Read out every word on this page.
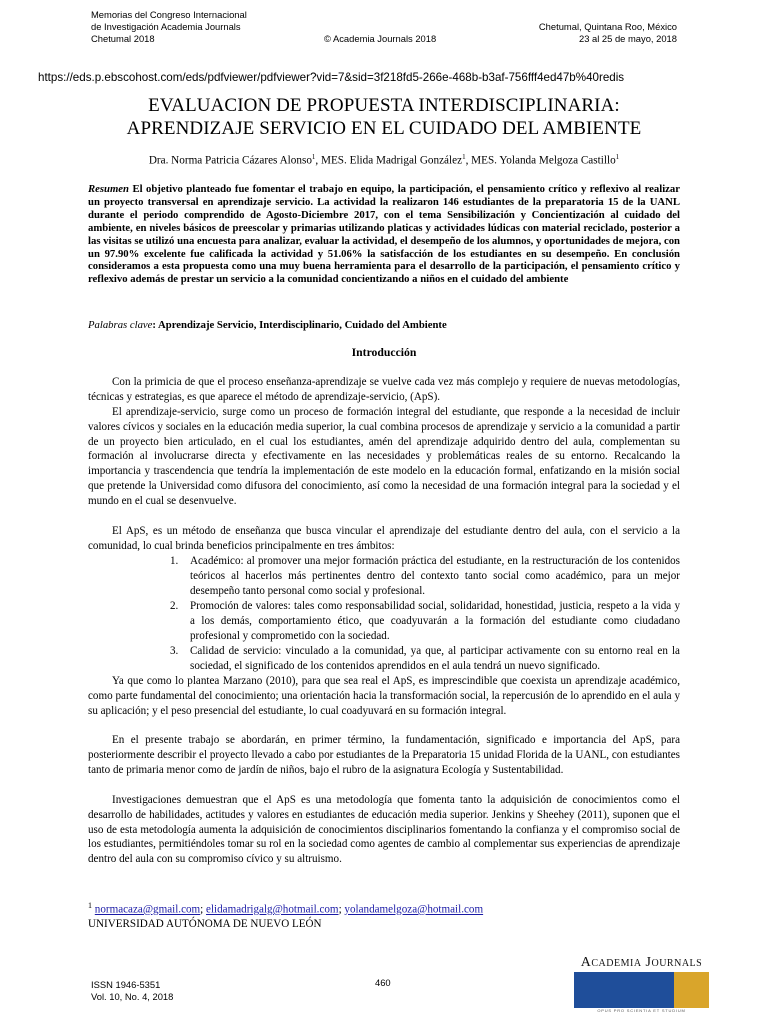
Memorias del Congreso Internacional
de Investigación Academia Journals
Chetumal 2018	© Academia Journals 2018
Chetumal, Quintana Roo, México
23 al 25 de mayo, 2018
https://eds.p.ebscohost.com/eds/pdfviewer/pdfviewer?vid=7&sid=3f218fd5-266e-468b-b3af-756fff4ed47b%40redis
EVALUACION DE PROPUESTA INTERDISCIPLINARIA:
APRENDIZAJE SERVICIO EN EL CUIDADO DEL AMBIENTE
Dra. Norma Patricia Cázares Alonso$^1$, MES. Elida Madrigal González$^1$, MES. Yolanda Melgoza Castillo$^1$
Resumen El objetivo planteado fue fomentar el trabajo en equipo, la participación, el pensamiento crítico y reflexivo al realizar un proyecto transversal en aprendizaje servicio. La actividad la realizaron 146 estudiantes de la preparatoria 15 de la UANL durante el periodo comprendido de Agosto-Diciembre 2017, con el tema Sensibilización y Concientización al cuidado del ambiente, en niveles básicos de preescolar y primarias utilizando platicas y actividades lúdicas con material reciclado, posterior a las visitas se utilizó una encuesta para analizar, evaluar la actividad, el desempeño de los alumnos, y oportunidades de mejora, con un 97.90% excelente fue calificada la actividad y 51.06% la satisfacción de los estudiantes en su desempeño. En conclusión consideramos a esta propuesta como una muy buena herramienta para el desarrollo de la participación, el pensamiento crítico y reflexivo además de prestar un servicio a la comunidad concientizando a niños en el cuidado del ambiente
Palabras clave: Aprendizaje Servicio, Interdisciplinario, Cuidado del Ambiente
Introducción
Con la primicia de que el proceso enseñanza-aprendizaje se vuelve cada vez más complejo y requiere de nuevas metodologías, técnicas y estrategias, es que aparece el método de aprendizaje-servicio, (ApS).
El aprendizaje-servicio, surge como un proceso de formación integral del estudiante, que responde a la necesidad de incluir valores cívicos y sociales en la educación media superior, la cual combina procesos de aprendizaje y servicio a la comunidad a partir de un proyecto bien articulado, en el cual los estudiantes, amén del aprendizaje adquirido dentro del aula, complementan su formación al involucrarse directa y efectivamente en las necesidades y problemáticas reales de su entorno. Recalcando la importancia y trascendencia que tendría la implementación de este modelo en la educación formal, enfatizando en la misión social que pretende la Universidad como difusora del conocimiento, así como la necesidad de una formación integral para la sociedad y el mundo en el cual se desenvuelve.
El ApS, es un método de enseñanza que busca vincular el aprendizaje del estudiante dentro del aula, con el servicio a la comunidad, lo cual brinda beneficios principalmente en tres ámbitos:
1. Académico: al promover una mejor formación práctica del estudiante, en la restructuración de los contenidos teóricos al hacerlos más pertinentes dentro del contexto tanto social como académico, para un mejor desempeño tanto personal como social y profesional.
2. Promoción de valores: tales como responsabilidad social, solidaridad, honestidad, justicia, respeto a la vida y a los demás, comportamiento ético, que coadyuvarán a la formación del estudiante como ciudadano profesional y comprometido con la sociedad.
3. Calidad de servicio: vinculado a la comunidad, ya que, al participar activamente con su entorno real en la sociedad, el significado de los contenidos aprendidos en el aula tendrá un nuevo significado.
Ya que como lo plantea Marzano (2010), para que sea real el ApS, es imprescindible que coexista un aprendizaje académico, como parte fundamental del conocimiento; una orientación hacia la transformación social, la repercusión de lo aprendido en el aula y su aplicación; y el peso presencial del estudiante, lo cual coadyuvará en su formación integral.
En el presente trabajo se abordarán, en primer término, la fundamentación, significado e importancia del ApS, para posteriormente describir el proyecto llevado a cabo por estudiantes de la Preparatoria 15 unidad Florida de la UANL, con estudiantes tanto de primaria menor como de jardín de niños, bajo el rubro de la asignatura Ecología y Sustentabilidad.
Investigaciones demuestran que el ApS es una metodología que fomenta tanto la adquisición de conocimientos como el desarrollo de habilidades, actitudes y valores en estudiantes de educación media superior. Jenkins y Sheehey (2011), suponen que el uso de esta metodología aumenta la adquisición de conocimientos disciplinarios fomentando la confianza y el compromiso social de los estudiantes, permitiéndoles tomar su rol en la sociedad como agentes de cambio al complementar sus experiencias de aprendizaje dentro del aula con su compromiso cívico y su altruismo.
$^1$ normacaza@gmail.com; elidamadrigalg@hotmail.com; yolandamelgoza@hotmail.com
UNIVERSIDAD AUTÓNOMA DE NUEVO LEÓN
ISSN 1946-5351
Vol. 10, No. 4, 2018
460
Academia Journals
OPUS PRO SCIENTIA ET STUDIUM
